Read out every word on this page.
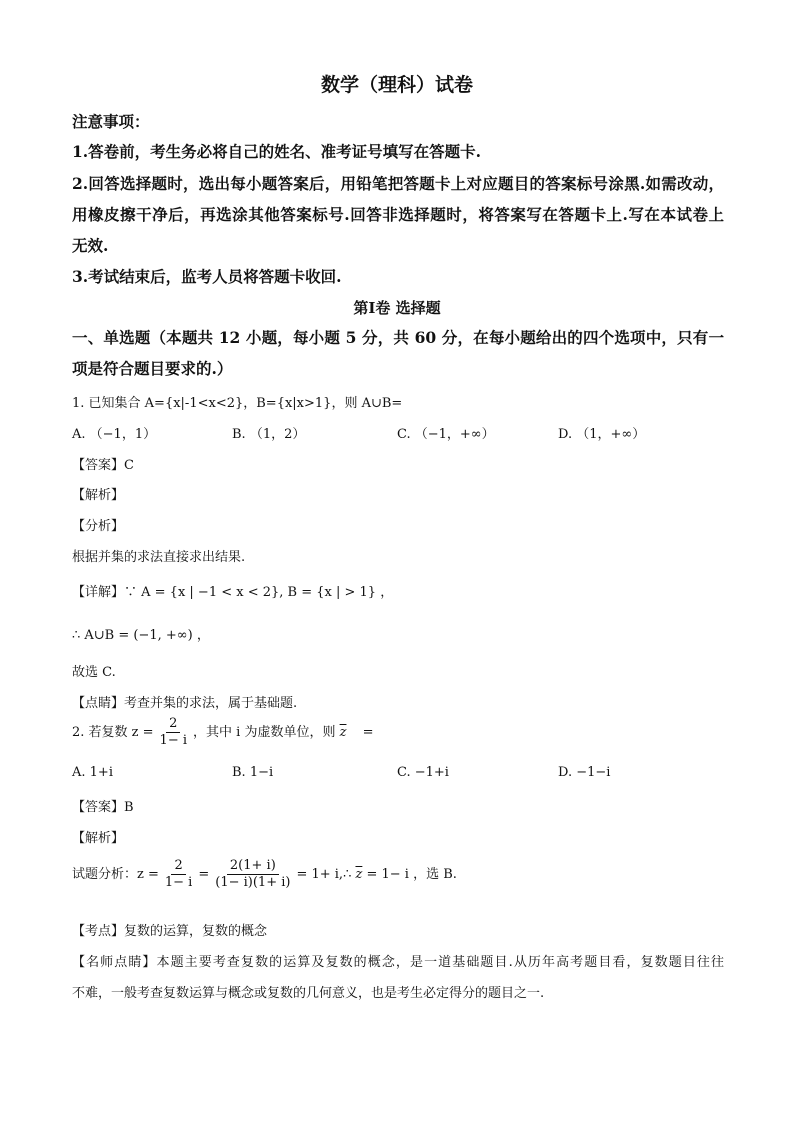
数学（理科）试卷
注意事项：
1.答卷前，考生务必将自己的姓名、准考证号填写在答题卡.
2.回答选择题时，选出每小题答案后，用铅笔把答题卡上对应题目的答案标号涂黑.如需改动，
用橡皮擦干净后，再选涂其他答案标号.回答非选择题时，将答案写在答题卡上.写在本试卷上
无效.
3.考试结束后，监考人员将答题卡收回.
第Ⅰ卷 选择题
一、单选题（本题共 12 小题，每小题 5 分，共 60 分，在每小题给出的四个选项中，只有一
项是符合题目要求的.）
1. 已知集合 A={x|-1<x<2}，B={x|x>1}，则 A∪B=
A. （−1，1）	B. （1，2）	C. （−1，+∞）	D. （1，+∞）
【答案】C
【解析】
【分析】
根据并集的求法直接求出结果.
【详解】∵ A = {x | −1 < x < 2}, B = {x | > 1} ，
∴ A∪B = (−1, +∞) ，
故选 C.
【点睛】考查并集的求法，属于基础题.
2. 若复数 $z = \frac{2}{1- i}$ ，其中 i 为虚数单位，则 $\overline{z}$ =
A. 1+i	B. 1−i	C. −1+i	D. −1−i
【答案】B
【解析】
试题分析：$z = \frac{2}{1- i} = \frac{2(1+ i)}{(1- i)(1+ i)} = 1+$ i,∴ $\overline{z} = 1- i$ ，选 B.
【考点】复数的运算，复数的概念
【名师点睛】本题主要考查复数的运算及复数的概念，是一道基础题目.从历年高考题目看，复数题目往往
不难，一般考查复数运算与概念或复数的几何意义，也是考生必定得分的题目之一.
